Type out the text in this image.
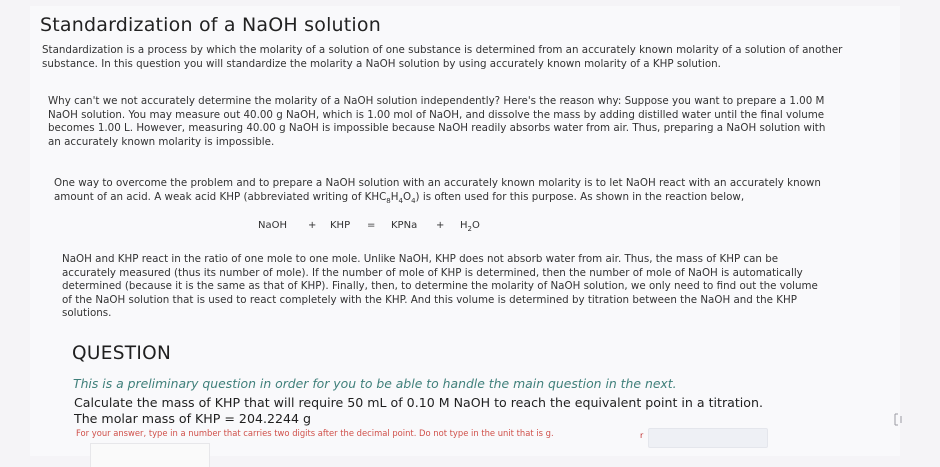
Standardization of a NaOH solution
Standardization is a process by which the molarity of a solution of one substance is determined from an accurately known molarity of a solution of another substance. In this question you will standardize the molarity a NaOH solution by using accurately known molarity of a KHP solution.
Why can't we not accurately determine the molarity of a NaOH solution independently? Here's the reason why: Suppose you want to prepare a 1.00 M NaOH solution. You may measure out 40.00 g NaOH, which is 1.00 mol of NaOH, and dissolve the mass by adding distilled water until the final volume becomes 1.00 L. However, measuring 40.00 g NaOH is impossible because NaOH readily absorbs water from air. Thus, preparing a NaOH solution with an accurately known molarity is impossible.
One way to overcome the problem and to prepare a NaOH solution with an accurately known molarity is to let NaOH react with an accurately known amount of an acid. A weak acid KHP (abbreviated writing of $KHC_8H_4O_4$) is often used for this purpose. As shown in the reaction below,
NaOH	+	KHP	=	KPNa	+	$H_2O$
NaOH and KHP react in the ratio of one mole to one mole. Unlike NaOH, KHP does not absorb water from air. Thus, the mass of KHP can be accurately measured (thus its number of mole). If the number of mole of KHP is determined, then the number of mole of NaOH is automatically determined (because it is the same as that of KHP). Finally, then, to determine the molarity of NaOH solution, we only need to find out the volume of the NaOH solution that is used to react completely with the KHP. And this volume is determined by titration between the NaOH and the KHP solutions.
QUESTION
This is a preliminary question in order for you to be able to handle the main question in the next.
Calculate the mass of KHP that will require 50 mL of 0.10 M NaOH to reach the equivalent point in a titration.
The molar mass of KHP = 204.2244 g
For your answer, type in a number that carries two digits after the decimal point. Do not type in the unit that is g.	r
